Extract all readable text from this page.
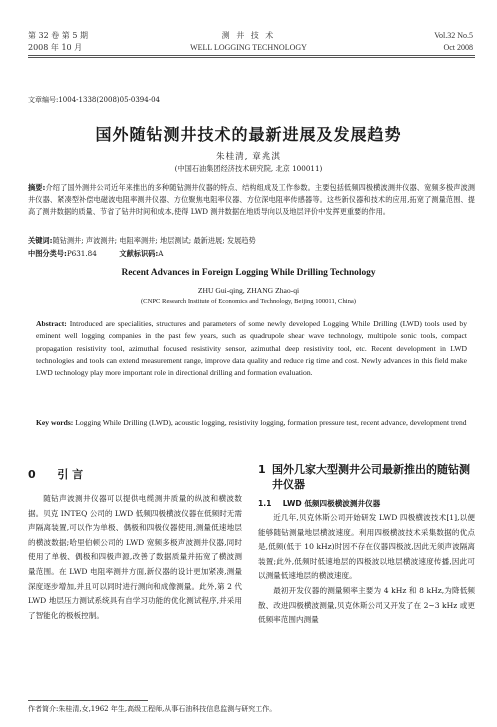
第 32 卷 第 5 期
2008 年 10 月
测 井 技 术
WELL LOGGING TECHNOLOGY
Vol.32 No.5
Oct 2008
文章编号:1004-1338(2008)05-0394-04
国外随钻测井技术的最新进展及发展趋势
朱桂清, 章兆淇
(中国石油集团经济技术研究院, 北京 100011)
摘要:介绍了国外测井公司近年来推出的多种随钻测井仪器的特点、结构组成及工作参数。主要包括低频四极横波测井仪器、宽频多极声波测井仪器、紧凑型补偿电磁波电阻率测井仪器、方位聚焦电阻率仪器、方位深电阻率传感器等。这些新仪器和技术的应用,拓宽了测量范围、提高了测井数据的质量、节省了钻井时间和成本,使得 LWD 测井数据在地质导向以及地层评价中发挥更重要的作用。
关键词:随钻测井; 声波测井; 电阻率测井; 地层测试; 最新进展; 发展趋势
中图分类号:P631.84	文献标识码:A
Recent Advances in Foreign Logging While Drilling Technology
ZHU Gui-qing, ZHANG Zhao-qi
(CNPC Research Institute of Economics and Technology, Beijing 100011, China)
Abstract: Introduced are specialities, structures and parameters of some newly developed Logging While Drilling (LWD) tools used by eminent well logging companies in the past few years, such as quadrupole shear wave technology, multipole sonic tools, compact propagation resistivity tool, azimuthal focused resistivity sensor, azimuthal deep resistivity tool, etc. Recent development in LWD technologies and tools can extend measurement range, improve data quality and reduce rig time and cost. Newly advances in this field make LWD technology play more important role in directional drilling and formation evaluation.
Key words: Logging While Drilling (LWD), acoustic logging, resistivity logging, formation pressure test, recent advance, development trend
0 引 言

随钻声波测井仪器可以提供电缆测井质量的纵波和横波数据。贝克 INTEQ 公司的 LWD 低频四极横波仪器在低频时无需声隔离装置,可以作为单极、偶极和四极仪器使用,测量低速地层的横波数据;哈里伯顿公司的 LWD 宽频多极声波测井仪器,同时使用了单极、偶极和四极声源,改善了数据质量并拓宽了横波测量范围。在 LWD 电阻率测井方面,新仪器的设计更加紧凑,测量深度逐步增加,并且可以同时进行测向和成像测量。此外,第 2 代 LWD 地层压力测试系统具有自学习功能的优化测试程序,并采用了智能化的极板控制。

1 国外几家大型测井公司最新推出的随钻测井仪器
1.1 LWD 低频四极横波测井仪器

近几年,贝克休斯公司开始研发 LWD 四极横波技术[1],以便能够随钻测量地层横波速度。利用四极横波技术采集数据的优点是,低频(低于 10 kHz)时因不存在仪器四极波,因此无须声波隔离装置;此外,低频时低速地层的四极波以地层横波速度传播,因此可以测量低速地层的横波速度。

最初开发仪器的测量频率主要为 4 kHz 和 8 kHz,为降低频散、改进四极横波测量,贝克休斯公司又开发了在 2~3 kHz 或更低频率范围内测量

作者简介:朱桂清,女,1962 年生,高级工程师,从事石油科技信息监测与研究工作。
